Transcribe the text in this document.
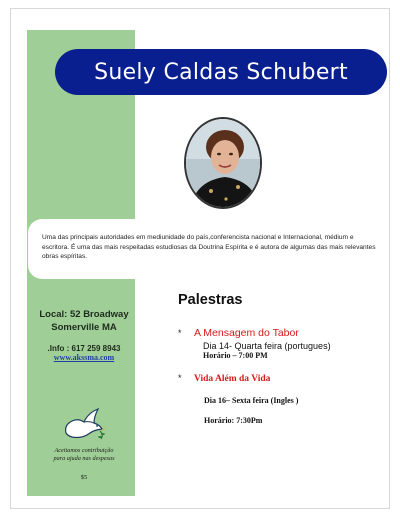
Suely Caldas Schubert
Uma das principais autoridades em mediunidade do país,conferencista nacional e Internacional, médium e escritora. É uma das mais respeitadas estudiosas da Doutrina Espírita e é autora de algumas das mais relevantes obras espíritas.
Local: 52 Broadway
Somerville MA
.Info : 617 259 8943
www.akssma.com
Aceitamos contribuição
para ajuda nas despesas
$5
Palestras
* A Mensagem do Tabor
Dia 14- Quarta feira (portugues)
Horário – 7:00 PM
* Vida Além da Vida
Dia 16– Sexta feira (Ingles )
Horário: 7:30Pm
